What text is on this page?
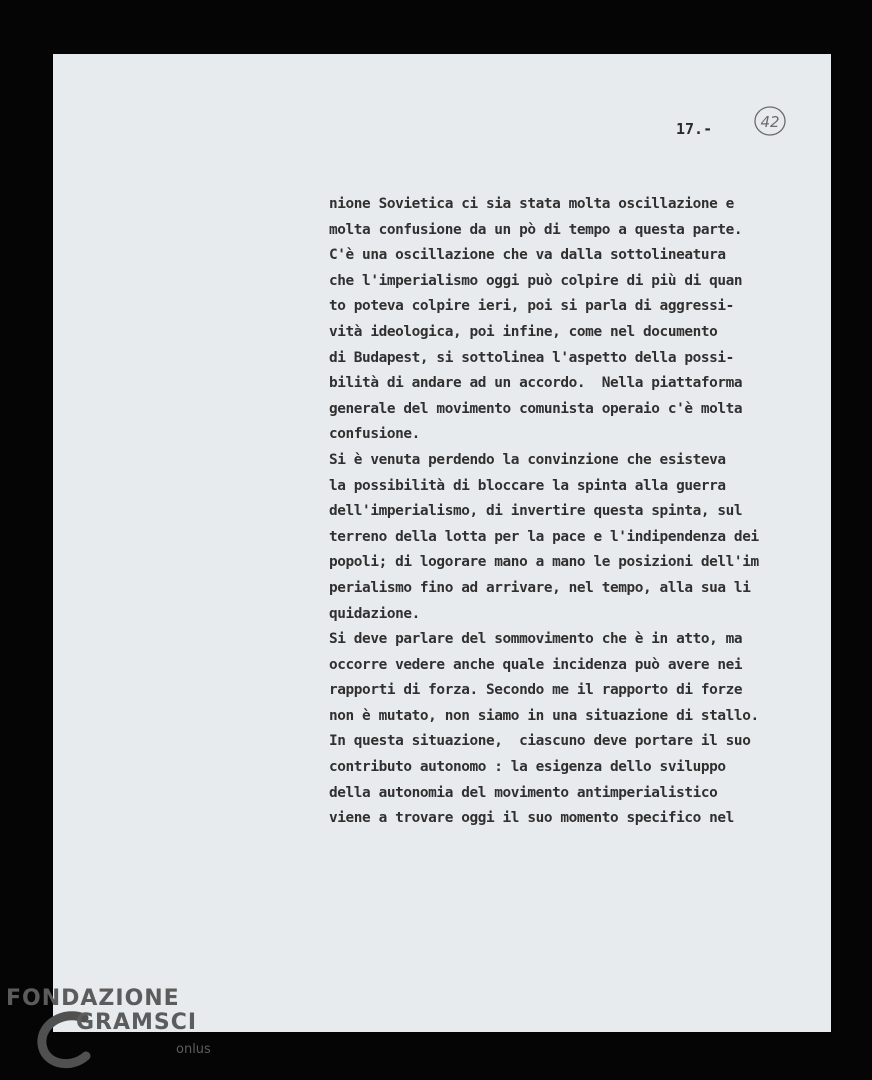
17.-	42
nione Sovietica ci sia stata molta oscillazione e
molta confusione da un pò di tempo a questa parte.
C'è una oscillazione che va dalla sottolineatura
che l'imperialismo oggi può colpire di più di quan
to poteva colpire ieri, poi si parla di aggressi-
vità ideologica, poi infine, come nel documento
di Budapest, si sottolinea l'aspetto della possi-
bilità di andare ad un accordo.  Nella piattaforma
generale del movimento comunista operaio c'è molta
confusione.
Si è venuta perdendo la convinzione che esisteva
la possibilità di bloccare la spinta alla guerra
dell'imperialismo, di invertire questa spinta, sul
terreno della lotta per la pace e l'indipendenza dei
popoli; di logorare mano a mano le posizioni dell'im
perialismo fino ad arrivare, nel tempo, alla sua li
quidazione.
Si deve parlare del sommovimento che è in atto, ma
occorre vedere anche quale incidenza può avere nei
rapporti di forza. Secondo me il rapporto di forze
non è mutato, non siamo in una situazione di stallo.
In questa situazione,  ciascuno deve portare il suo
contributo autonomo : la esigenza dello sviluppo
della autonomia del movimento antimperialistico
viene a trovare oggi il suo momento specifico nel
FONDAZIONE
GRAMSCI
onlus
